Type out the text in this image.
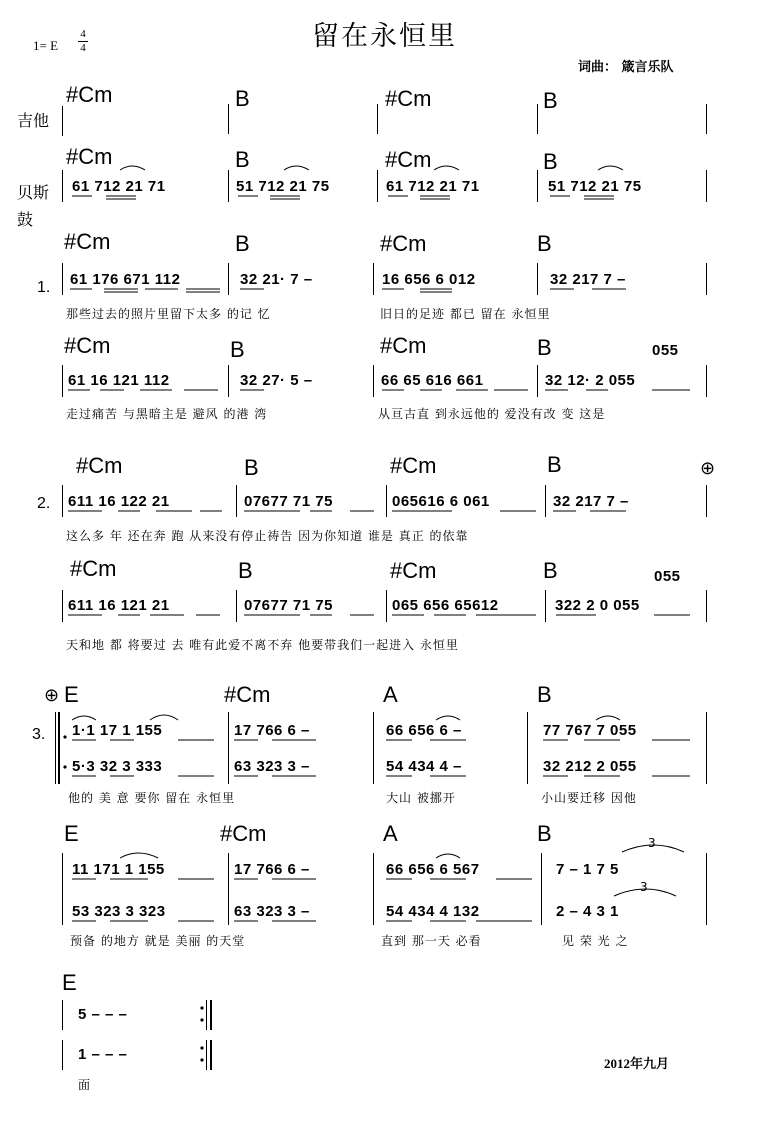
留在永恒里
1= E
4
4
词曲： 箴言乐队
吉他
贝斯
鼓
#Cm	B	#Cm	B
#Cm	B	#Cm	B
61 712 21 71	51 712 21 75	61 712 21 71	51 712 21 75
#Cm	B	#Cm	B
1. 61 176 671 112	32 21· 7 –	16 656 6 012	32 217 7 –
那些过去的照片里留下太多 的记 忆	旧日的足迹 都已 留在 永恒里
#Cm	B	#Cm	B	055
61 16 121 112	32 27· 5 –	66 65 616 661	32 12· 2 055
走过痛苦 与黑暗主是 避风 的港 湾	从亘古直 到永远他的 爱没有改 变 这是
#Cm	B	#Cm	B	⊕
2. 611 16 122 21	07677 71 75	065616 6 061	32 217 7 –
这么多 年 还在奔 跑 从来没有停止祷告 因为你知道 谁是 真正 的依靠
#Cm	B	#Cm	B	055
611 16 121 21	07677 71 75	065 656 65612	322 2 0 055
天和地 都 将要过 去 唯有此爱不离不弃 他要带我们一起进入 永恒里
⊕ E	#Cm	A	B
3. 1·1 17 1 155	17 766 6 –	66 656 6 –	77 767 7 055
5·3 32 3 333	63 323 3 –	54 434 4 –	32 212 2 055
他的 美 意 要你 留在 永恒里	大山 被挪开	小山要迁移 因他
E	#Cm	A	B	3
3
11 171 1 155	17 766 6 –	66 656 6 567	7 – 1 7 5
53 323 3 323	63 323 3 –	54 434 4 132	2 – 4 3 1
预备 的地方 就是 美丽 的天堂	直到 那一天 必看	见 荣 光 之
E
5 – – –
1 – – –
面
2012年九月
